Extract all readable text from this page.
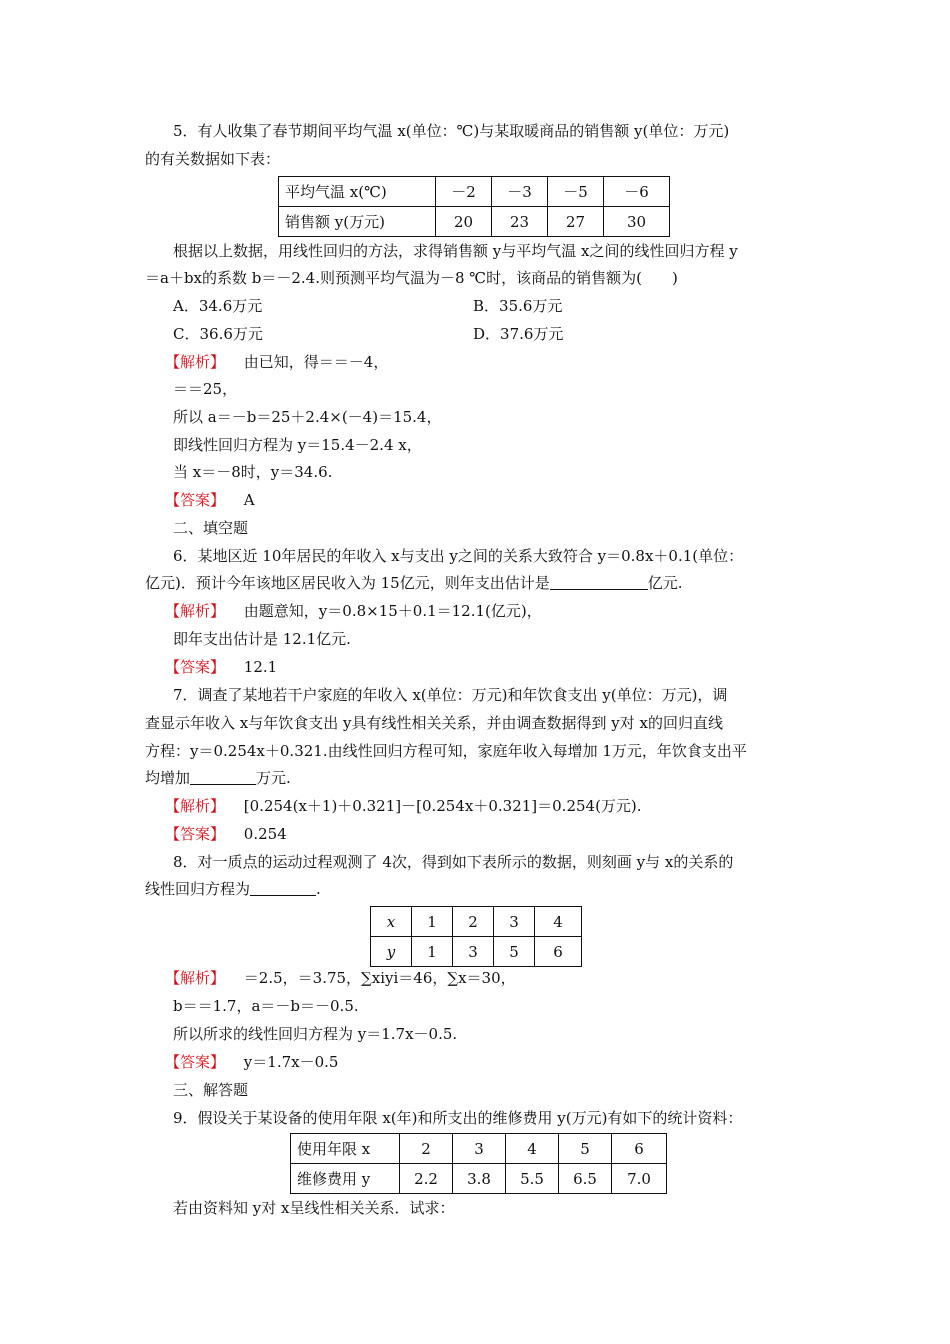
5．有人收集了春节期间平均气温 x(单位：℃)与某取暖商品的销售额 y(单位：万元)
的有关数据如下表：
平均气温 x(℃)	－2	－3	－5	－6
销售额 y(万元)	20	23	27	30
根据以上数据，用线性回归的方法，求得销售额 y与平均气温 x之间的线性回归方程 y
＝a＋bx的系数 b＝－2.4.则预测平均气温为－8 ℃时，该商品的销售额为(　　)
A．34.6万元	B．35.6万元
C．36.6万元	D．37.6万元
【解析】 由已知，得＝＝－4，
＝＝25，
所以 a＝－b＝25＋2.4×(－4)＝15.4，
即线性回归方程为 y＝15.4－2.4 x，
当 x＝－8时，y＝34.6.
【答案】 A
二、填空题
6．某地区近 10年居民的年收入 x与支出 y之间的关系大致符合 y＝0.8x＋0.1(单位：
亿元)．预计今年该地区居民收入为 15亿元，则年支出估计是	亿元.
【解析】 由题意知，y＝0.8×15＋0.1＝12.1(亿元)，
即年支出估计是 12.1亿元.
【答案】 12.1
7．调查了某地若干户家庭的年收入 x(单位：万元)和年饮食支出 y(单位：万元)，调
查显示年收入 x与年饮食支出 y具有线性相关关系，并由调查数据得到 y对 x的回归直线
方程：y＝0.254x＋0.321.由线性回归方程可知，家庭年收入每增加 1万元，年饮食支出平
均增加	万元.
【解析】 [0.254(x＋1)＋0.321]－[0.254x＋0.321]＝0.254(万元).
【答案】 0.254
8．对一质点的运动过程观测了 4次，得到如下表所示的数据，则刻画 y与 x的关系的
线性回归方程为	.
x	1	2	3	4
y	1	3	5	6
【解析】 ＝2.5，＝3.75，∑xiyi＝46，∑x＝30，
b＝＝1.7，a＝－b＝－0.5.
所以所求的线性回归方程为 y＝1.7x－0.5.
【答案】 y＝1.7x－0.5
三、解答题
9．假设关于某设备的使用年限 x(年)和所支出的维修费用 y(万元)有如下的统计资料：
使用年限 x	2	3	4	5	6
维修费用 y	2.2	3.8	5.5	6.5	7.0
若由资料知 y对 x呈线性相关关系．试求：
